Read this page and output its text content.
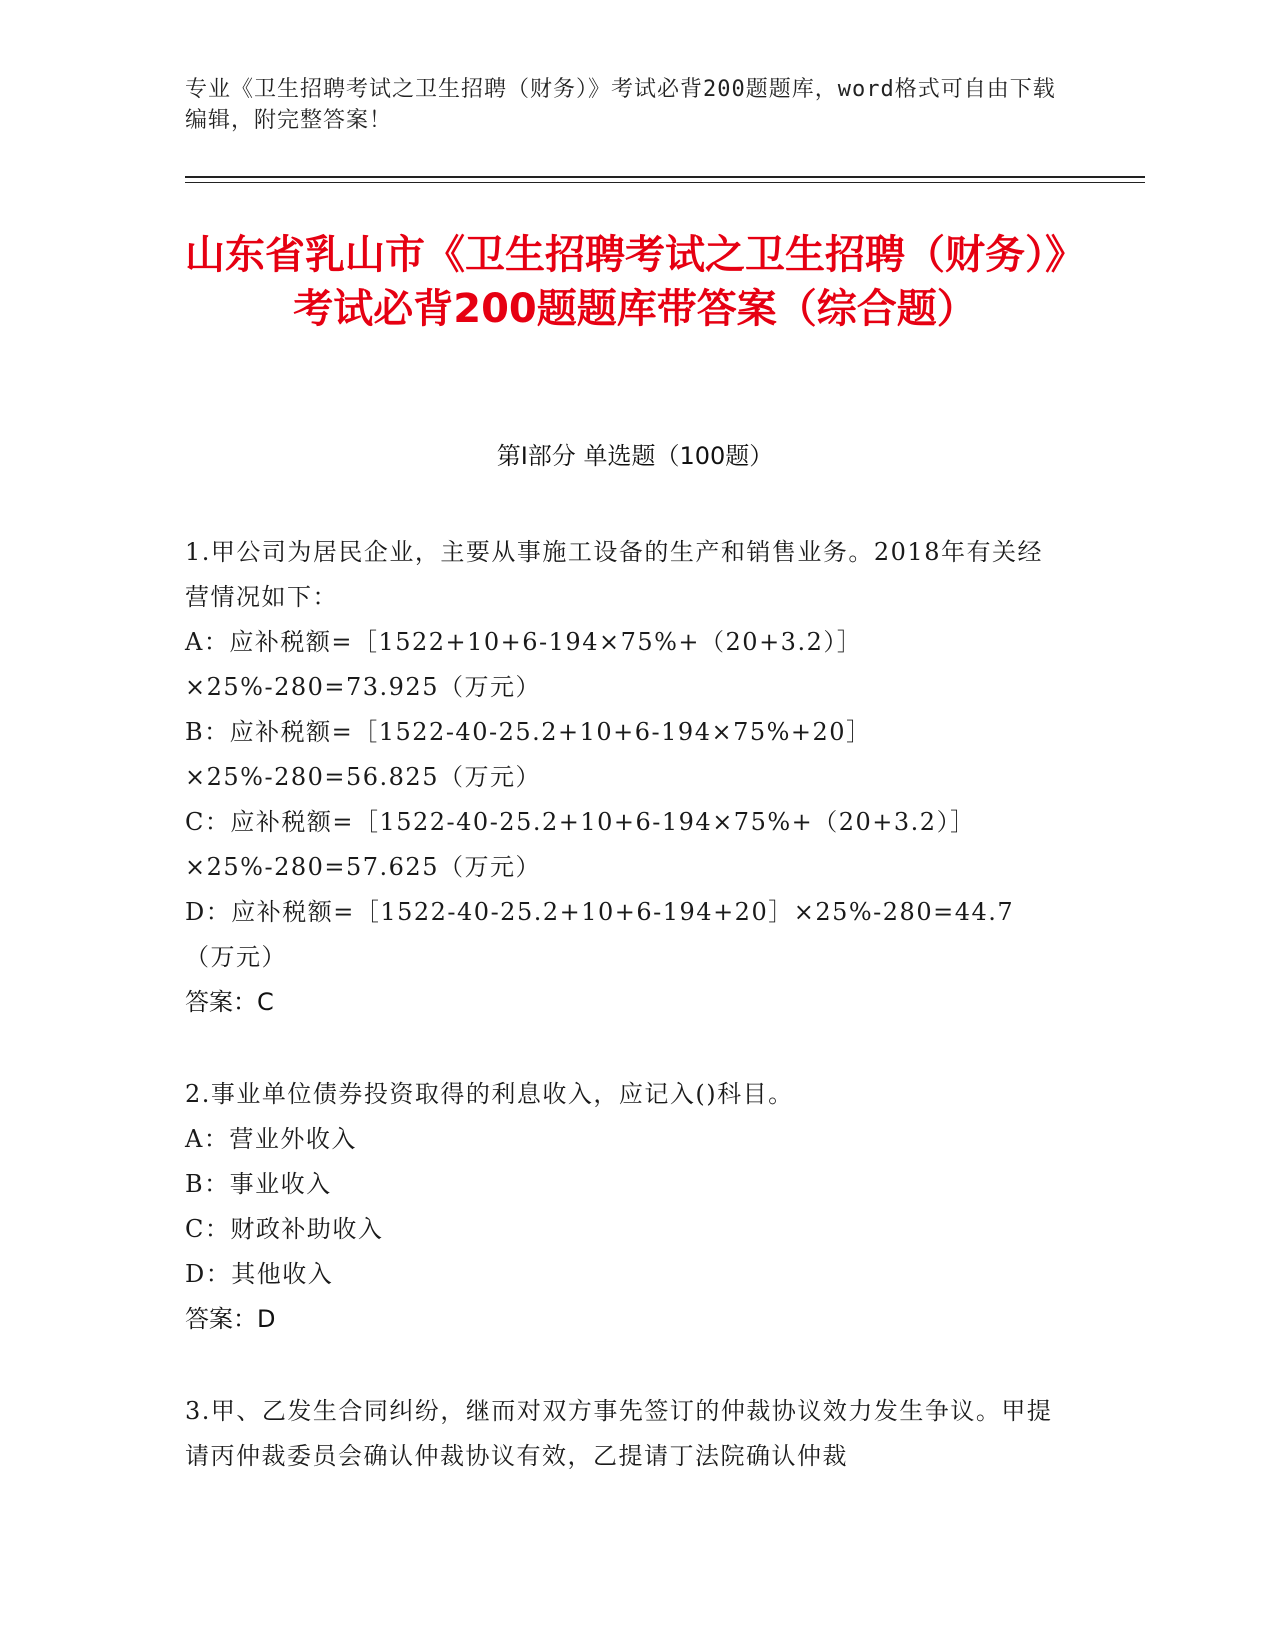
专业《卫生招聘考试之卫生招聘（财务）》考试必背200题题库，word格式可自由下载编辑，附完整答案！
山东省乳山市《卫生招聘考试之卫生招聘（财务）》考试必背200题题库带答案（综合题）
第I部分 单选题（100题）

1.甲公司为居民企业，主要从事施工设备的生产和销售业务。2018年有关经营情况如下：

A：应补税额=［1522+10+6-194×75%+（20+3.2）］×25%-280=73.925（万元）

B：应补税额=［1522-40-25.2+10+6-194×75%+20］×25%-280=56.825（万元）

C：应补税额=［1522-40-25.2+10+6-194×75%+（20+3.2）］×25%-280=57.625（万元）

D：应补税额=［1522-40-25.2+10+6-194+20］×25%-280=44.7（万元）

答案：C

2.事业单位债券投资取得的利息收入，应记入()科目。

A：营业外收入

B：事业收入

C：财政补助收入

D：其他收入

答案：D

3.甲、乙发生合同纠纷，继而对双方事先签订的仲裁协议效力发生争议。甲提请丙仲裁委员会确认仲裁协议有效，乙提请丁法院确认仲裁
